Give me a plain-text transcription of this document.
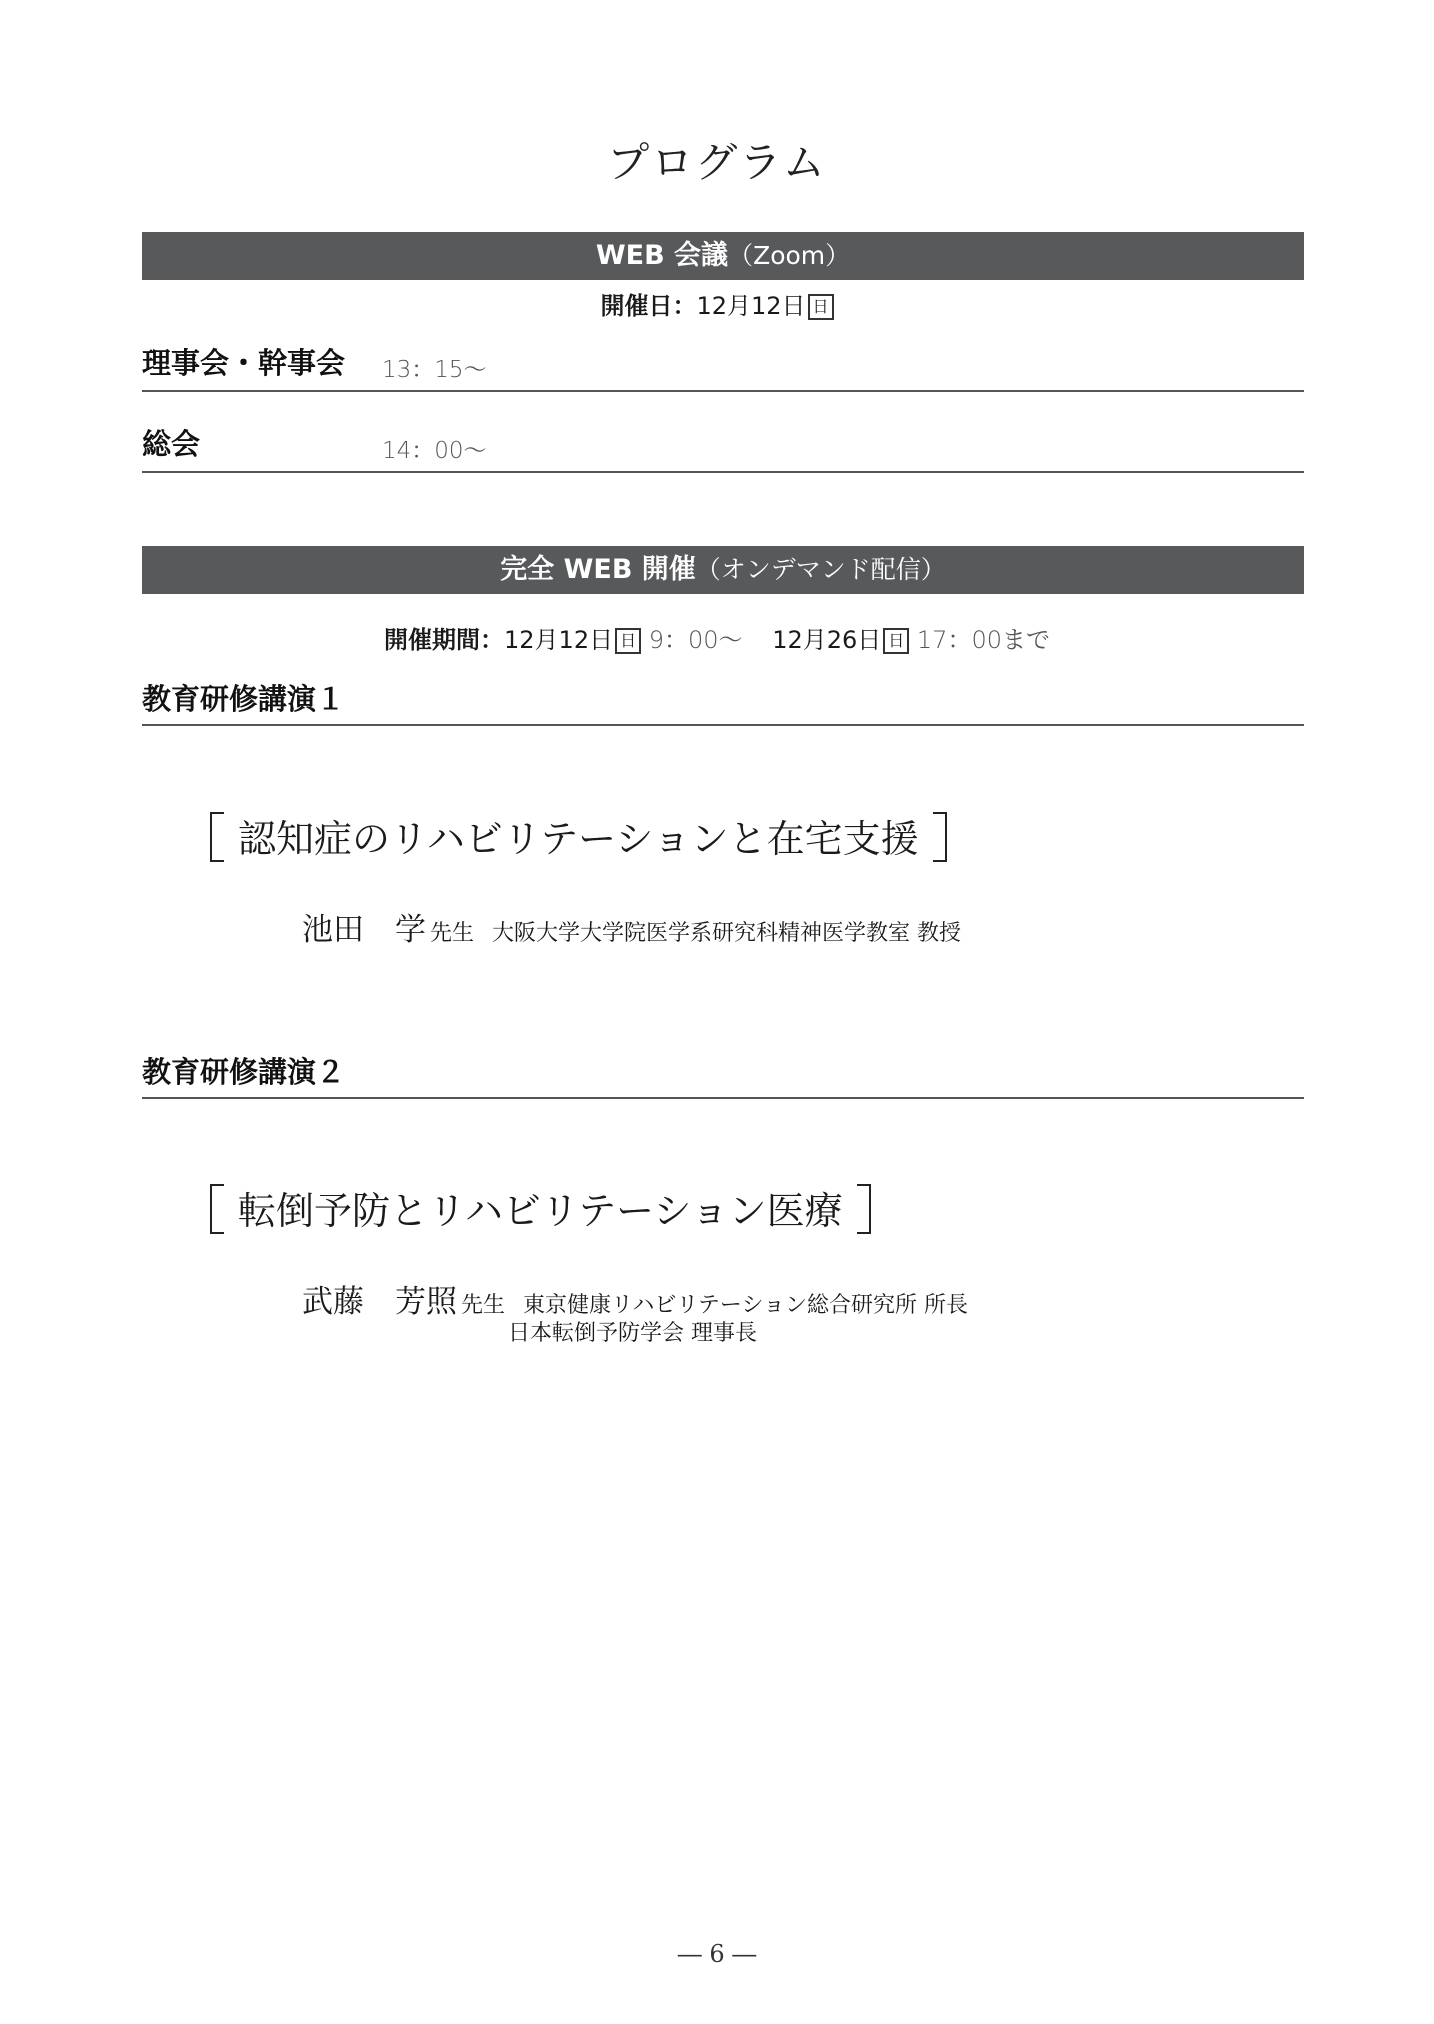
プログラム
WEB 会議（Zoom）
開催日：12月12日 日
理事会・幹事会 13：15～
総会	14：00～
完全 WEB 開催（オンデマンド配信）
開催期間：12月12日 日 9：00～ 12月26日 日 17：00まで
教育研修講演１
認知症のリハビリテーションと在宅支援
池田　学 先生 大阪大学大学院医学系研究科精神医学教室 教授
教育研修講演２
転倒予防とリハビリテーション医療
武藤　芳照 先生 東京健康リハビリテーション総合研究所 所長
日本転倒予防学会 理事長
― 6 ―
